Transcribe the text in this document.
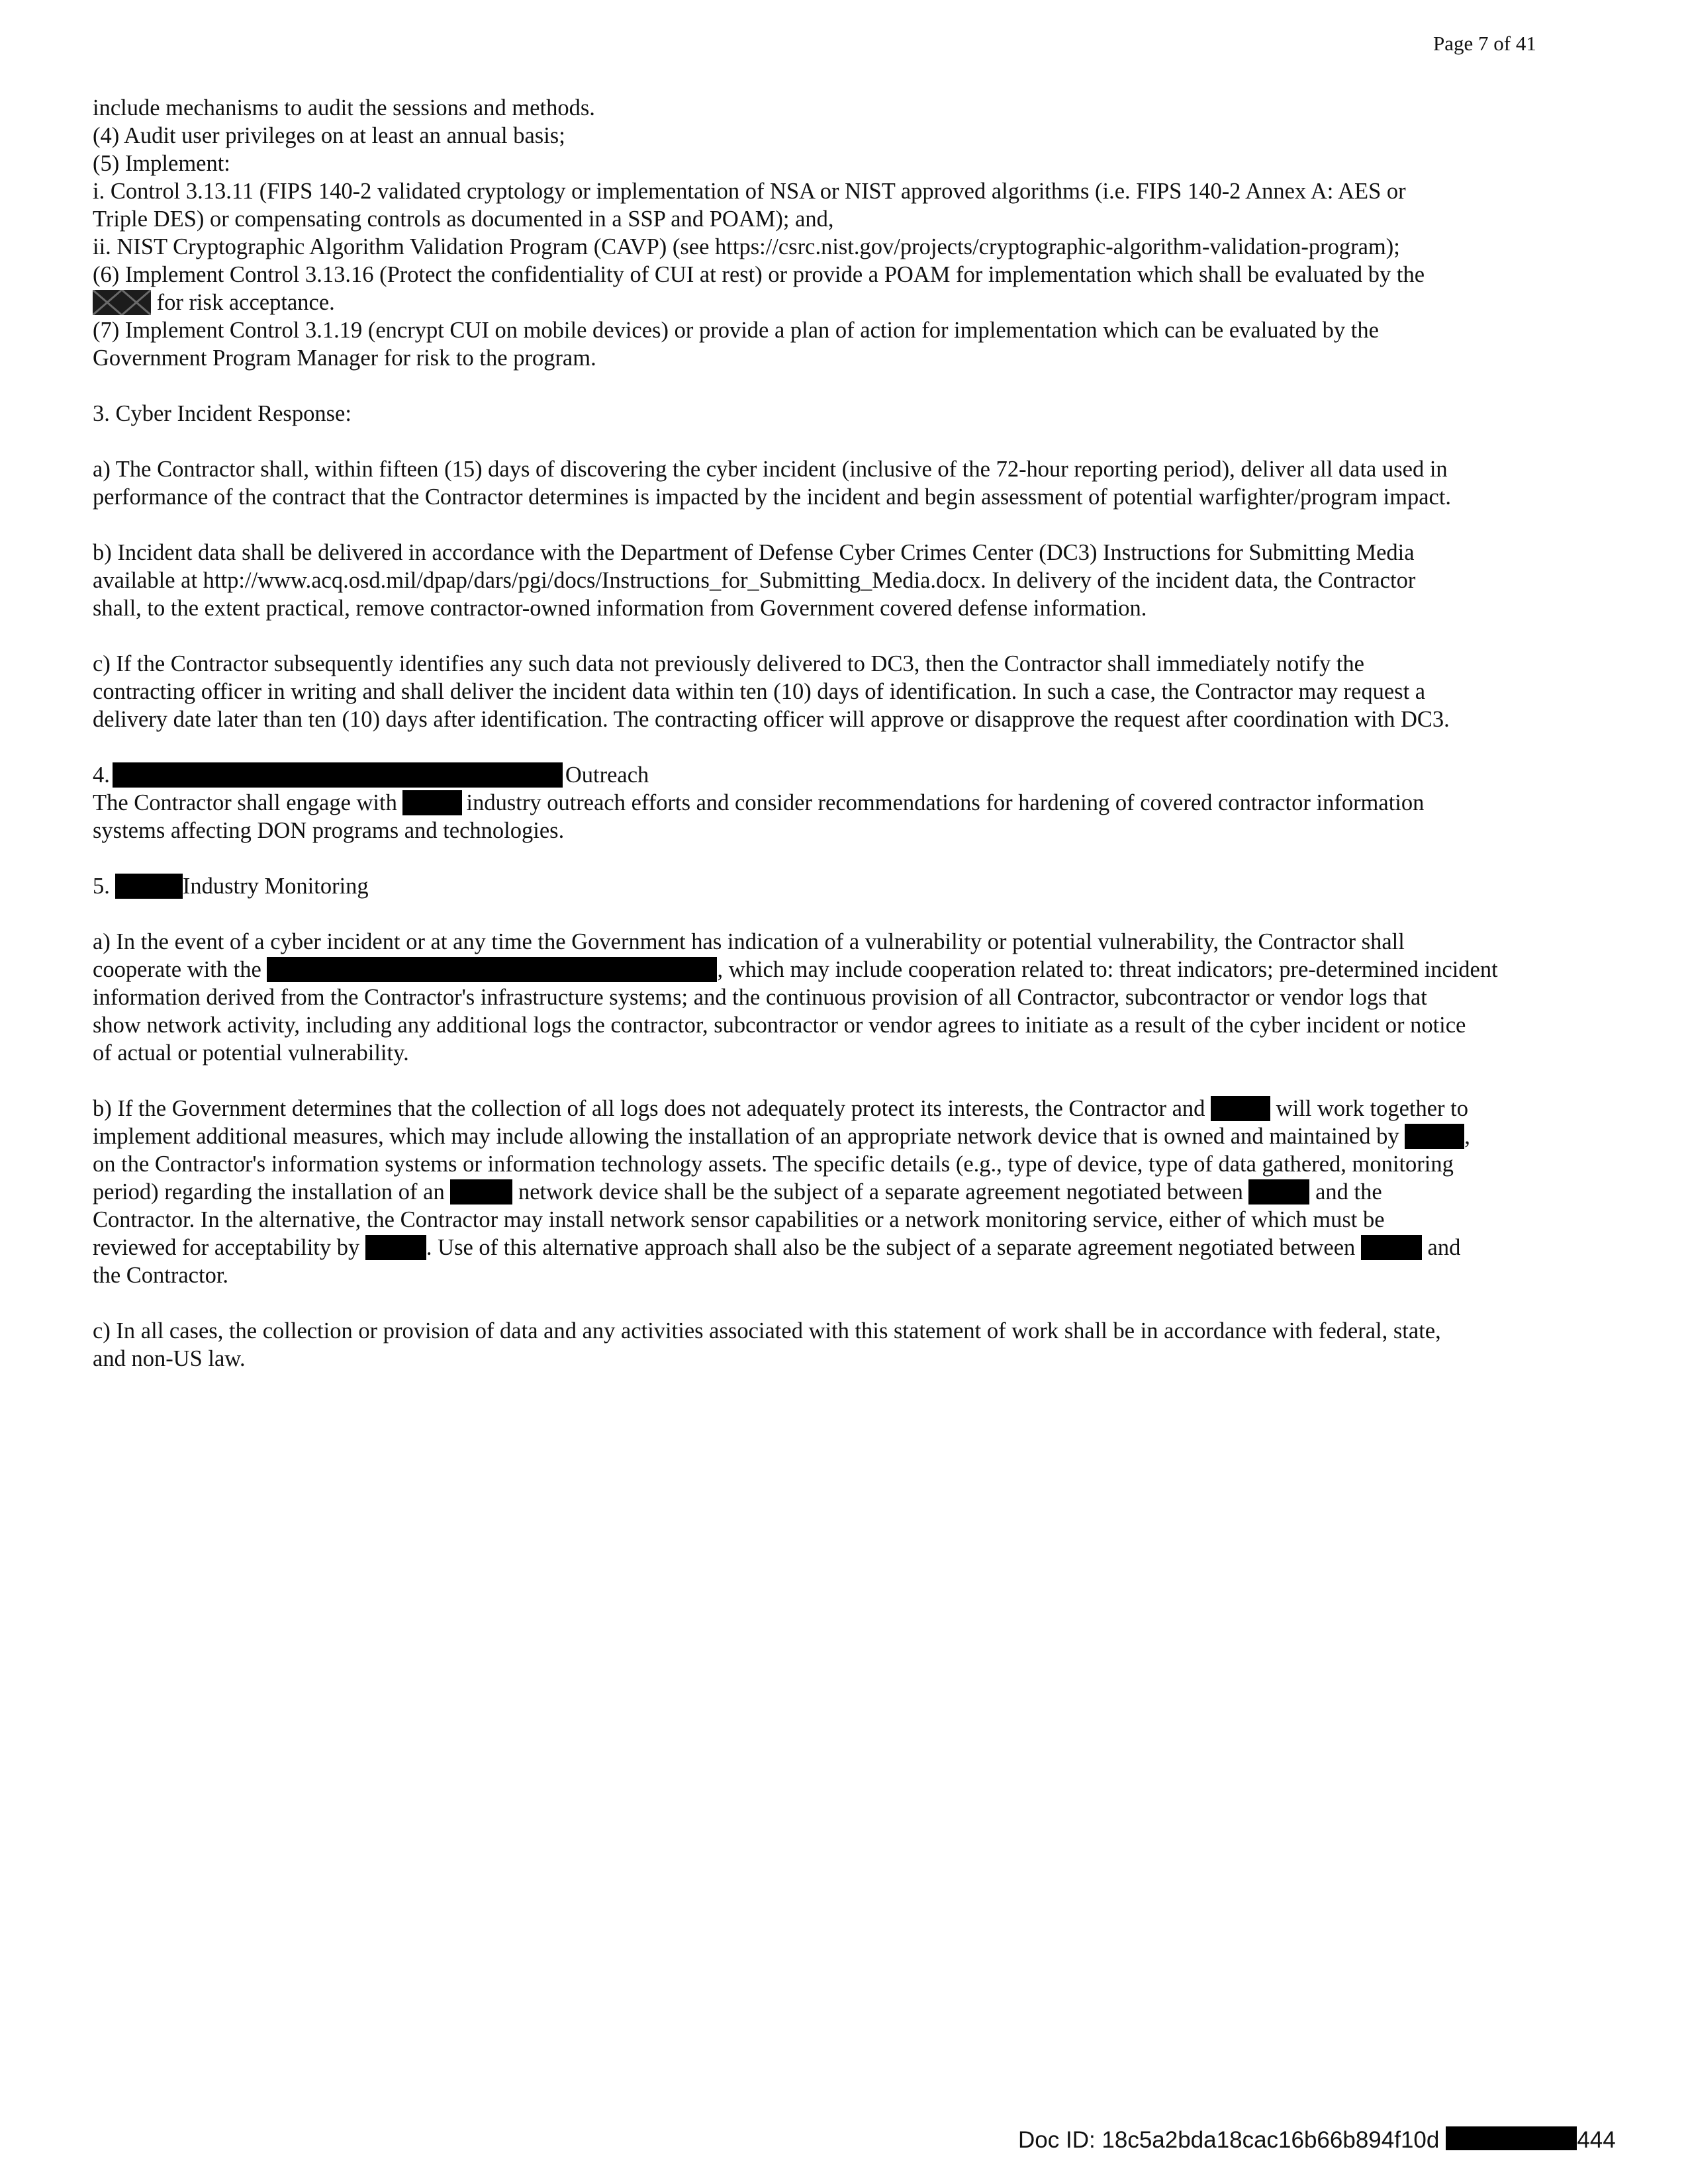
Page 7 of 41

include mechanisms to audit the sessions and methods.

(4) Audit user privileges on at least an annual basis;

(5) Implement:

i. Control 3.13.11 (FIPS 140-2 validated cryptology or implementation of NSA or NIST approved algorithms (i.e. FIPS 140-2 Annex A: AES or

Triple DES) or compensating controls as documented in a SSP and POAM); and,

ii. NIST Cryptographic Algorithm Validation Program (CAVP) (see https://csrc.nist.gov/projects/cryptographic-algorithm-validation-program);

(6) Implement Control 3.13.16 (Protect the confidentiality of CUI at rest) or provide a POAM for implementation which shall be evaluated by the

for risk acceptance.

(7) Implement Control 3.1.19 (encrypt CUI on mobile devices) or provide a plan of action for implementation which can be evaluated by the

Government Program Manager for risk to the program.

3. Cyber Incident Response:

a) The Contractor shall, within fifteen (15) days of discovering the cyber incident (inclusive of the 72-hour reporting period), deliver all data used in

performance of the contract that the Contractor determines is impacted by the incident and begin assessment of potential warfighter/program impact.

b) Incident data shall be delivered in accordance with the Department of Defense Cyber Crimes Center (DC3) Instructions for Submitting Media

available at http://www.acq.osd.mil/dpap/dars/pgi/docs/Instructions_for_Submitting_Media.docx. In delivery of the incident data, the Contractor

shall, to the extent practical, remove contractor-owned information from Government covered defense information.

c) If the Contractor subsequently identifies any such data not previously delivered to DC3, then the Contractor shall immediately notify the

contracting officer in writing and shall deliver the incident data within ten (10) days of identification. In such a case, the Contractor may request a

delivery date later than ten (10) days after identification. The contracting officer will approve or disapprove the request after coordination with DC3.

4.	Outreach

The Contractor shall engage with	industry outreach efforts and consider recommendations for hardening of covered contractor information

systems affecting DON programs and technologies.

5.	Industry Monitoring

a) In the event of a cyber incident or at any time the Government has indication of a vulnerability or potential vulnerability, the Contractor shall

cooperate with the	, which may include cooperation related to: threat indicators; pre-determined incident

information derived from the Contractor's infrastructure systems; and the continuous provision of all Contractor, subcontractor or vendor logs that

show network activity, including any additional logs the contractor, subcontractor or vendor agrees to initiate as a result of the cyber incident or notice

of actual or potential vulnerability.

b) If the Government determines that the collection of all logs does not adequately protect its interests, the Contractor and	will work together to

implement additional measures, which may include allowing the installation of an appropriate network device that is owned and maintained by	,

on the Contractor's information systems or information technology assets. The specific details (e.g., type of device, type of data gathered, monitoring

period) regarding the installation of an	network device shall be the subject of a separate agreement negotiated between	and the

Contractor. In the alternative, the Contractor may install network sensor capabilities or a network monitoring service, either of which must be

reviewed for acceptability by	. Use of this alternative approach shall also be the subject of a separate agreement negotiated between	and

the Contractor.

c) In all cases, the collection or provision of data and any activities associated with this statement of work shall be in accordance with federal, state,

and non-US law.

Doc ID: 18c5a2bda18cac16b66b894f10d	444
